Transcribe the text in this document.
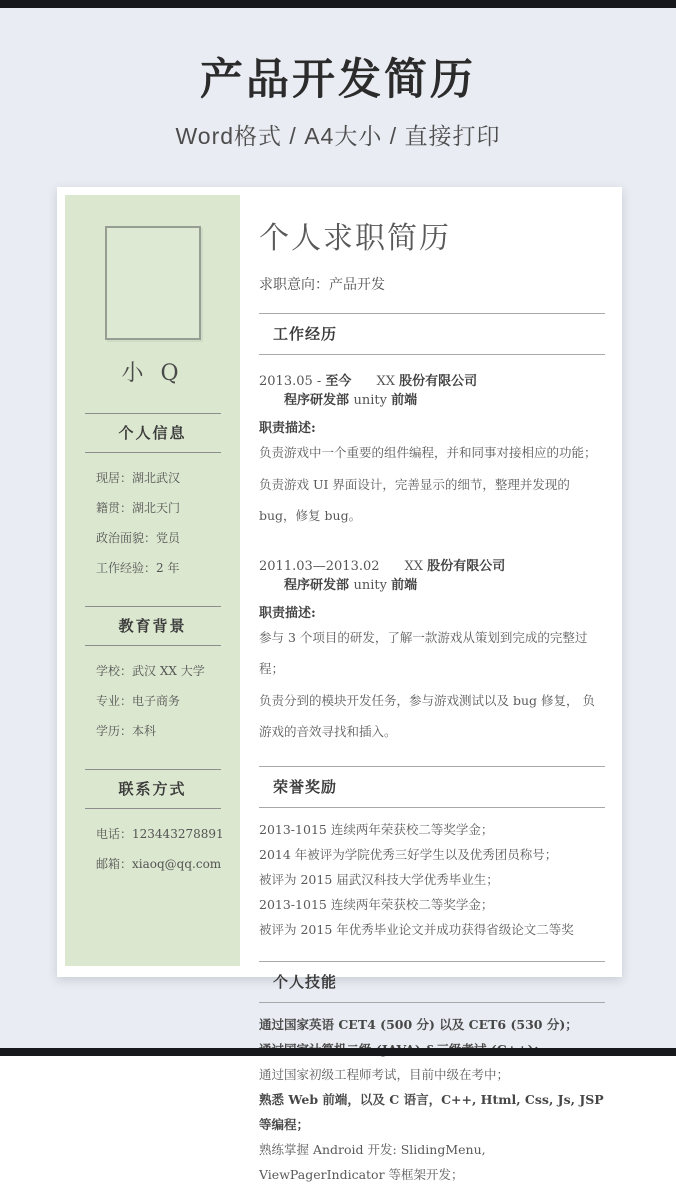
产品开发简历
Word格式 / A4大小 / 直接打印
小 Q
个人信息
现居：湖北武汉
籍贯：湖北天门
政治面貌：党员
工作经验：2 年
教育背景
学校：武汉 XX 大学
专业：电子商务
学历：本科
联系方式
电话：123443278891
邮箱：xiaoq@qq.com
个人求职简历
求职意向：产品开发
工作经历
2013.05 - 至今 XX 股份有限公司程序研发部 unity 前端
职责描述:
负责游戏中一个重要的组件编程，并和同事对接相应的功能；
负责游戏 UI 界面设计，完善显示的细节，整理并发现的 bug，修复 bug。
2011.03—2013.02 XX 股份有限公司程序研发部 unity 前端
职责描述:
参与 3 个项目的研发，了解一款游戏从策划到完成的完整过程；
负责分到的模块开发任务，参与游戏测试以及 bug 修复， 负游戏的音效寻找和插入。
荣誉奖励
2013-1015 连续两年荣获校二等奖学金；
2014 年被评为学院优秀三好学生以及优秀团员称号；
被评为 2015 届武汉科技大学优秀毕业生；
2013-1015 连续两年荣获校二等奖学金；
被评为 2015 年优秀毕业论文并成功获得省级论文二等奖
个人技能
通过国家英语 CET4 (500 分) 以及 CET6 (530 分)；
通过国家初级工程师考试，目前中级在考中；
熟悉 Web 前端，以及 C 语言，C++, Html, Css, Js, JSP 等编程；
熟练掌握 Android 开发: SlidingMenu, ViewPagerIndicator 等框架开发；
